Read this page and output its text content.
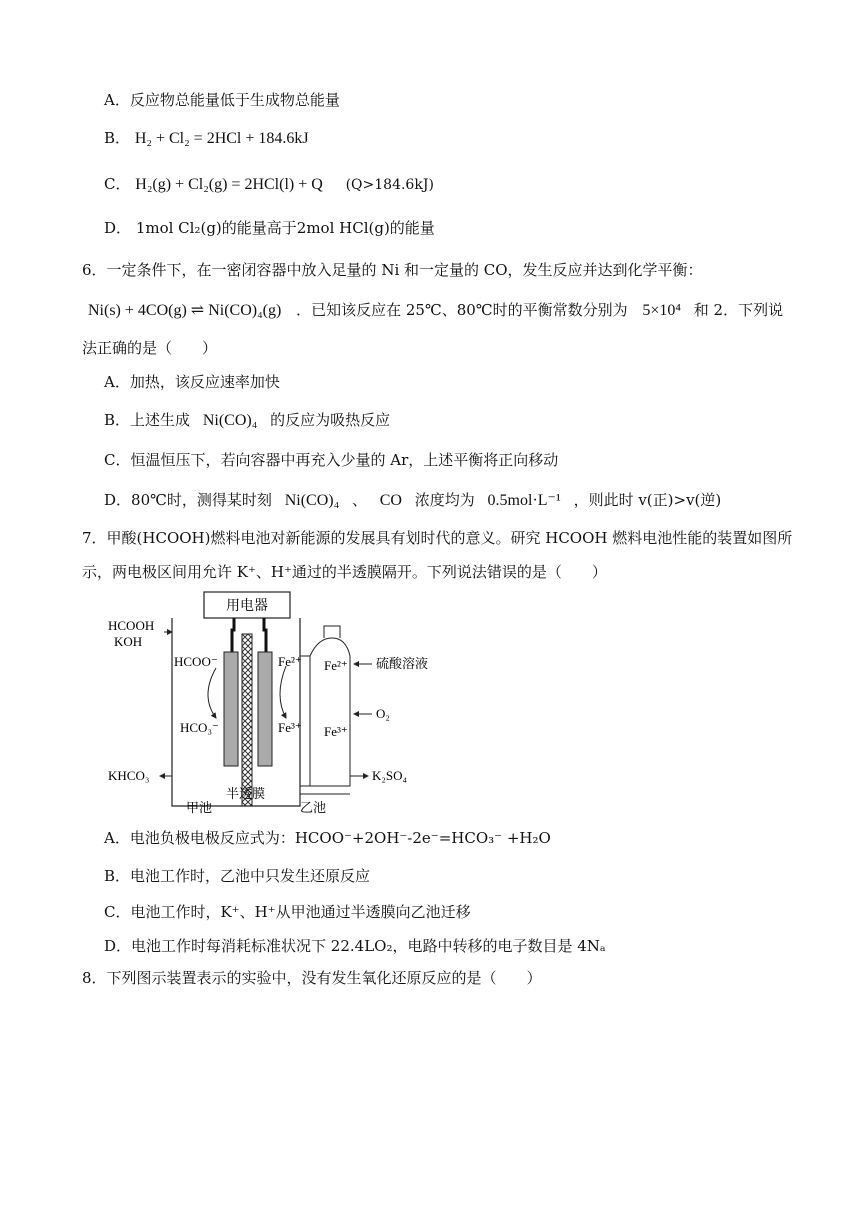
A．反应物总能量低于生成物总能量
B． H₂ + Cl₂ = 2HCl + 184.6kJ
C． H₂(g) + Cl₂(g) = 2HCl(l) + Q (Q>184.6kJ)
D． 1mol Cl₂(g)的能量高于2mol HCl(g)的能量
6．一定条件下，在一密闭容器中放入足量的 Ni 和一定量的 CO，发生反应并达到化学平衡：
Ni(s) + 4CO(g) ⇌ Ni(CO)₄(g) ．已知该反应在 25℃、80℃时的平衡常数分别为 5×10⁴ 和 2．下列说
法正确的是（　　）
A．加热，该反应速率加快
B．上述生成 Ni(CO)₄ 的反应为吸热反应
C．恒温恒压下，若向容器中再充入少量的 Ar，上述平衡将正向移动
D．80℃时，测得某时刻 Ni(CO)₄ 、 CO 浓度均为 0.5mol·L⁻¹ ，则此时 v(正)>v(逆)
7．甲酸(HCOOH)燃料电池对新能源的发展具有划时代的意义。研究 HCOOH 燃料电池性能的装置如图所
示，两电极区间用允许 K⁺、H⁺通过的半透膜隔开。下列说法错误的是（　　）
用电器
HCOOH
KOH
HCOO⁻
HCO₃⁻
KHCO₃
Fe²⁺
Fe³⁺
Fe²⁺
Fe³⁺
硫酸溶液
O₂
K₂SO₄
甲池
半透膜
乙池
A．电池负极电极反应式为：HCOO⁻+2OH⁻-2e⁻=HCO₃⁻ +H₂O
B．电池工作时，乙池中只发生还原反应
C．电池工作时，K⁺、H⁺从甲池通过半透膜向乙池迁移
D．电池工作时每消耗标准状况下 22.4LO₂，电路中转移的电子数目是 4Nₐ
8．下列图示装置表示的实验中，没有发生氧化还原反应的是（　　）
